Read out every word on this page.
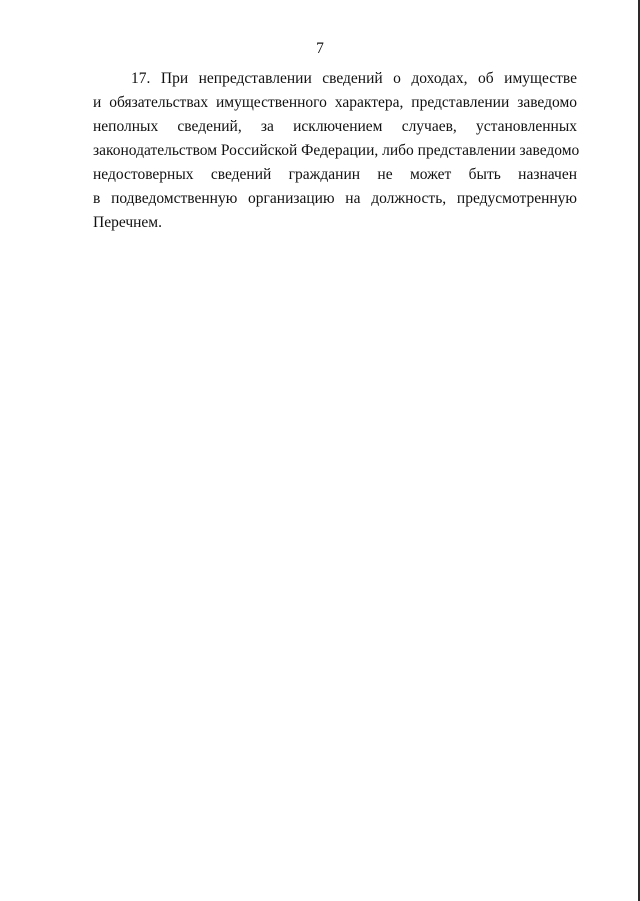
7
17. При непредставлении сведений о доходах, об имуществе
и обязательствах имущественного характера, представлении заведомо
неполных сведений, за исключением случаев, установленных
законодательством Российской Федерации, либо представлении заведомо
недостоверных сведений гражданин не может быть назначен
в подведомственную организацию на должность, предусмотренную
Перечнем.
